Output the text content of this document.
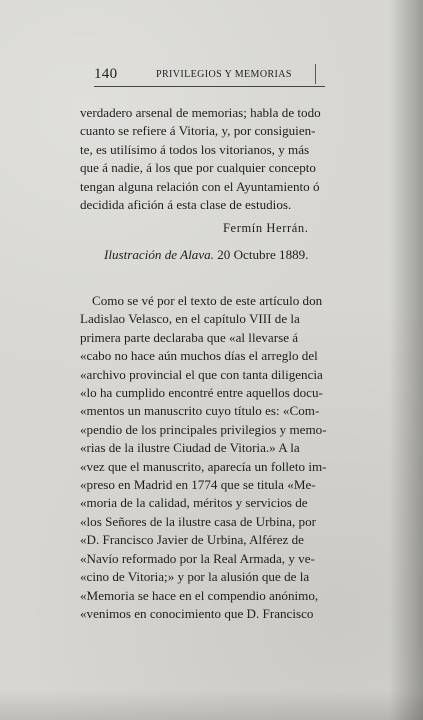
140	PRIVILEGIOS Y MEMORIAS
verdadero arsenal de memorias; habla de todo
cuanto se refiere á Vitoria, y, por consiguien-
te, es utilísimo á todos los vitorianos, y más
que á nadie, á los que por cualquier concepto
tengan alguna relación con el Ayuntamiento ó
decidida afición á esta clase de estudios.
Fermín Herrán.
Ilustración de Alava. 20 Octubre 1889.
Como se vé por el texto de este artículo don
Ladislao Velasco, en el capítulo VIII de la
primera parte declaraba que «al llevarse á
«cabo no hace aún muchos días el arreglo del
«archivo provincial el que con tanta diligencia
«lo ha cumplido encontré entre aquellos docu-
«mentos un manuscrito cuyo título es: «Com-
«pendio de los principales privilegios y memo-
«rias de la ilustre Ciudad de Vitoria.» A la
«vez que el manuscrito, aparecía un folleto im-
«preso en Madrid en 1774 que se titula «Me-
«moria de la calidad, méritos y servicios de
«los Señores de la ilustre casa de Urbina, por
«D. Francisco Javier de Urbina, Alférez de
«Navío reformado por la Real Armada, y ve-
«cino de Vitoria;» y por la alusión que de la
«Memoria se hace en el compendio anónimo,
«venimos en conocimiento que D. Francisco
